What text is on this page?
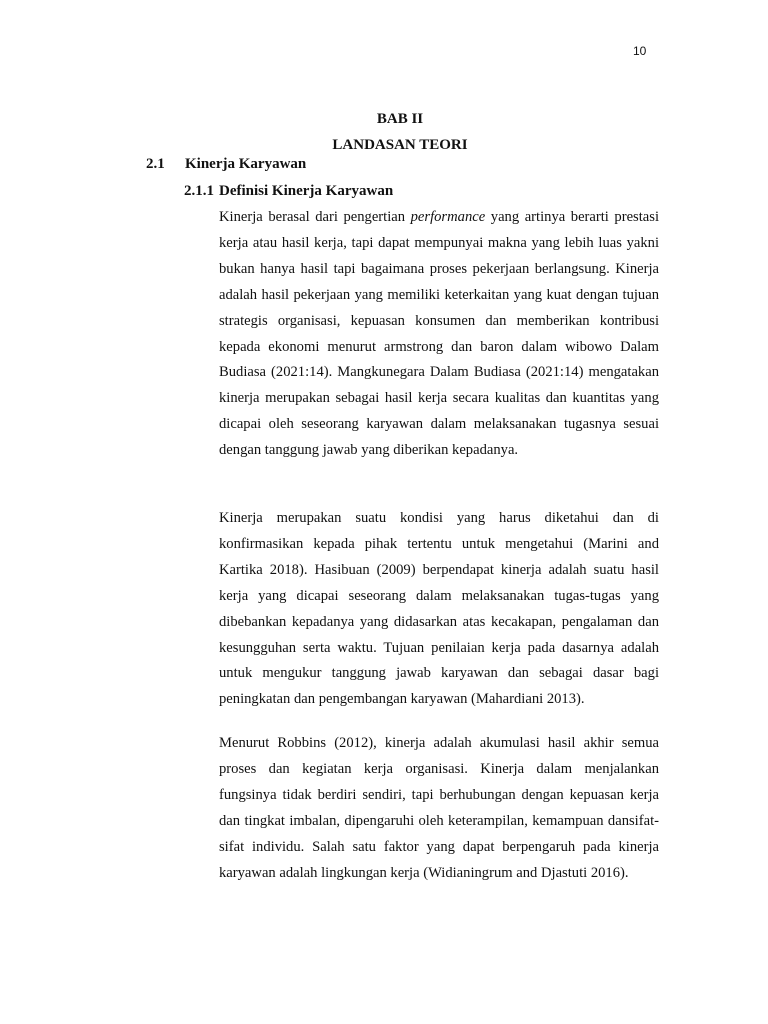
10
BAB II
LANDASAN TEORI
2.1 Kinerja Karyawan
2.1.1 Definisi Kinerja Karyawan

Kinerja berasal dari pengertian performance yang artinya berarti prestasi kerja atau hasil kerja, tapi dapat mempunyai makna yang lebih luas yakni bukan hanya hasil tapi bagaimana proses pekerjaan berlangsung. Kinerja adalah hasil pekerjaan yang memiliki keterkaitan yang kuat dengan tujuan strategis organisasi, kepuasan konsumen dan memberikan kontribusi kepada ekonomi menurut armstrong dan baron dalam wibowo Dalam Budiasa (2021:14). Mangkunegara Dalam Budiasa (2021:14) mengatakan kinerja merupakan sebagai hasil kerja secara kualitas dan kuantitas yang dicapai oleh seseorang karyawan dalam melaksanakan tugasnya sesuai dengan tanggung jawab yang diberikan kepadanya.

Kinerja merupakan suatu kondisi yang harus diketahui dan di konfirmasikan kepada pihak tertentu untuk mengetahui (Marini and Kartika 2018). Hasibuan (2009) berpendapat kinerja adalah suatu hasil kerja yang dicapai seseorang dalam melaksanakan tugas-tugas yang dibebankan kepadanya yang didasarkan atas kecakapan, pengalaman dan kesungguhan serta waktu. Tujuan penilaian kerja pada dasarnya adalah untuk mengukur tanggung jawab karyawan dan sebagai dasar bagi peningkatan dan pengembangan karyawan (Mahardiani 2013).

Menurut Robbins (2012), kinerja adalah akumulasi hasil akhir semua proses dan kegiatan kerja organisasi. Kinerja dalam menjalankan fungsinya tidak berdiri sendiri, tapi berhubungan dengan kepuasan kerja dan tingkat imbalan, dipengaruhi oleh keterampilan, kemampuan dansifat-sifat individu. Salah satu faktor yang dapat berpengaruh pada kinerja karyawan adalah lingkungan kerja (Widianingrum and Djastuti 2016).
